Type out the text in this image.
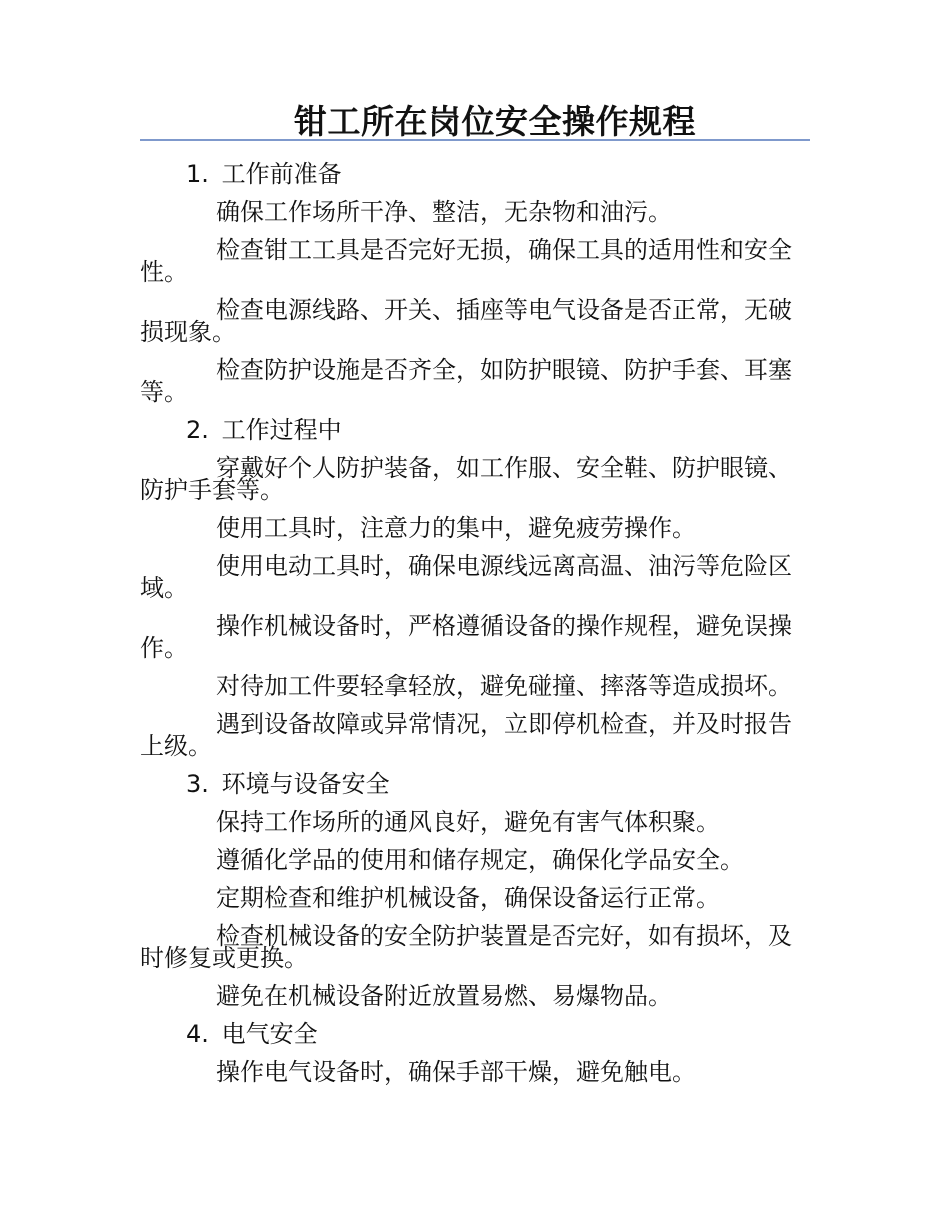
钳工所在岗位安全操作规程

1. 工作前准备

确保工作场所干净、整洁，无杂物和油污。

检查钳工工具是否完好无损，确保工具的适用性和安全性。

检查电源线路、开关、插座等电气设备是否正常，无破损现象。

检查防护设施是否齐全，如防护眼镜、防护手套、耳塞等。

2. 工作过程中

穿戴好个人防护装备，如工作服、安全鞋、防护眼镜、防护手套等。

使用工具时，注意力的集中，避免疲劳操作。

使用电动工具时，确保电源线远离高温、油污等危险区域。

操作机械设备时，严格遵循设备的操作规程，避免误操作。

对待加工件要轻拿轻放，避免碰撞、摔落等造成损坏。

遇到设备故障或异常情况，立即停机检查，并及时报告上级。

3. 环境与设备安全

保持工作场所的通风良好，避免有害气体积聚。

遵循化学品的使用和储存规定，确保化学品安全。

定期检查和维护机械设备，确保设备运行正常。

检查机械设备的安全防护装置是否完好，如有损坏，及时修复或更换。

避免在机械设备附近放置易燃、易爆物品。

4. 电气安全

操作电气设备时，确保手部干燥，避免触电。
